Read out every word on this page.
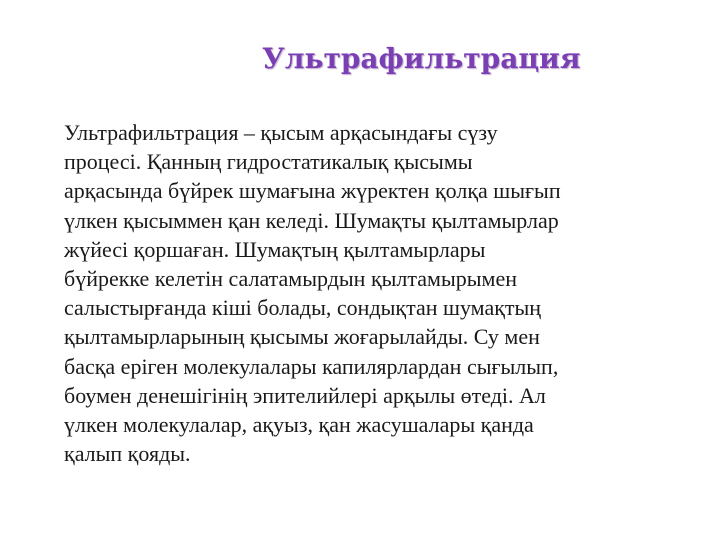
Ультрафильтрация
Ультрафильтрация – қысым арқасындағы сүзу
процесі. Қанның гидростатикалық қысымы
арқасында бүйрек шумағына жүректен қолқа шығып
үлкен қысыммен қан келеді. Шумақты қылтамырлар
жүйесі қоршаған. Шумақтың қылтамырлары
бүйрекке келетін салатамырдын қылтамырымен
салыстырғанда кіші болады, сондықтан шумақтың
қылтамырларының қысымы жоғарылайды. Су мен
басқа еріген молекулалары капилярлардан сығылып,
боумен денешігінің эпителийлері арқылы өтеді. Ал
үлкен молекулалар, ақуыз, қан жасушалары қанда
қалып қояды.
